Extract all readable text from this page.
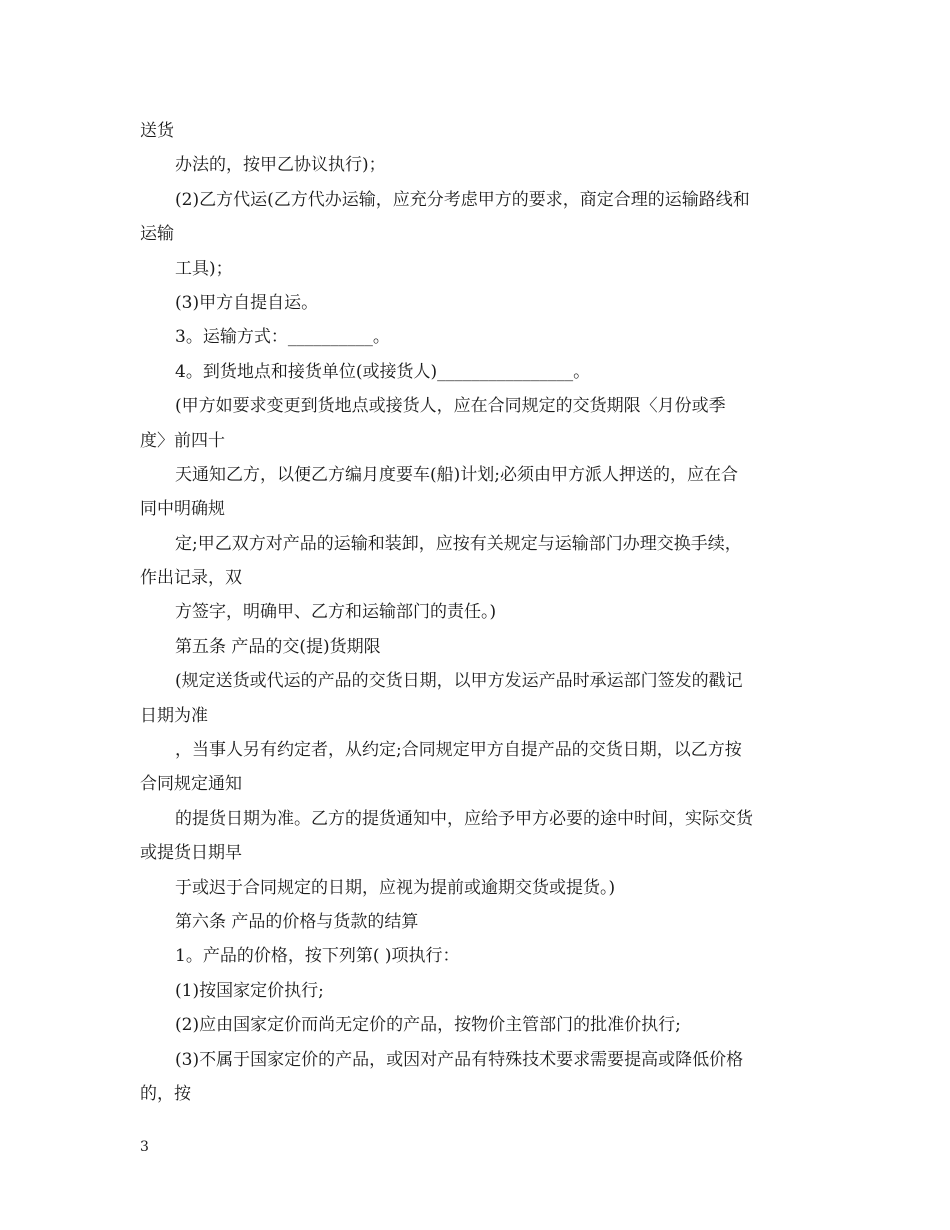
送货
办法的，按甲乙协议执行)；
(2)乙方代运(乙方代办运输，应充分考虑甲方的要求，商定合理的运输路线和
运输
工具)；
(3)甲方自提自运。
3。运输方式：__________。
4。到货地点和接货单位(或接货人)________________。
(甲方如要求变更到货地点或接货人，应在合同规定的交货期限〈月份或季
度〉前四十
天通知乙方，以便乙方编月度要车(船)计划;必须由甲方派人押送的，应在合
同中明确规
定;甲乙双方对产品的运输和装卸，应按有关规定与运输部门办理交换手续，
作出记录，双
方签字，明确甲、乙方和运输部门的责任。)
第五条 产品的交(提)货期限
(规定送货或代运的产品的交货日期，以甲方发运产品时承运部门签发的戳记
日期为准
，当事人另有约定者，从约定;合同规定甲方自提产品的交货日期，以乙方按
合同规定通知
的提货日期为准。乙方的提货通知中，应给予甲方必要的途中时间，实际交货
或提货日期早
于或迟于合同规定的日期，应视为提前或逾期交货或提货。)
第六条 产品的价格与货款的结算
1。产品的价格，按下列第( )项执行：
(1)按国家定价执行;
(2)应由国家定价而尚无定价的产品，按物价主管部门的批准价执行;
(3)不属于国家定价的产品，或因对产品有特殊技术要求需要提高或降低价格
的，按
3
